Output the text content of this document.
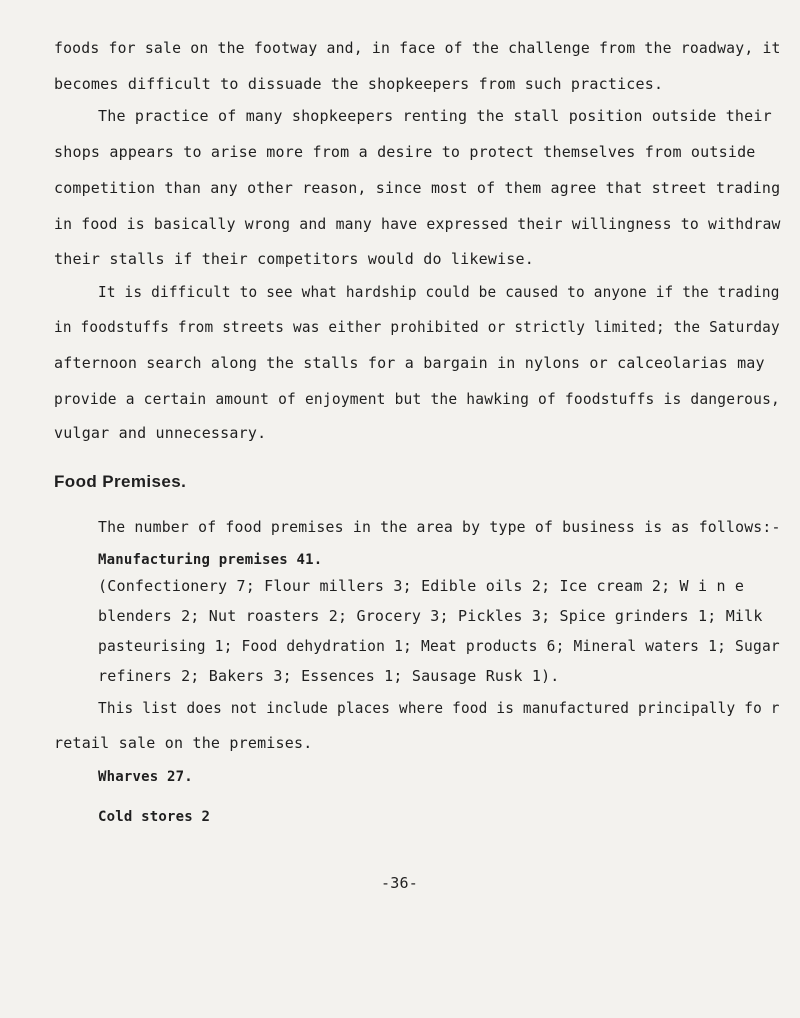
foods for sale on the footway and, in face of the challenge from the roadway, it
becomes difficult to dissuade the shopkeepers from such practices.
The practice of many shopkeepers renting the stall position outside their
shops appears to arise more from a desire to protect themselves from outside
competition than any other reason, since most of them agree that street trading
in food is basically wrong and many have expressed their willingness to withdraw
their stalls if their competitors would do likewise.
It is difficult to see what hardship could be caused to anyone if the trading
in foodstuffs from streets was either prohibited or strictly limited; the Saturday
afternoon search along the stalls for a bargain in nylons or calceolarias may
provide a certain amount of enjoyment but the hawking of foodstuffs is dangerous,
vulgar and unnecessary.
Food Premises.
The number of food premises in the area by type of business is as follows:-
Manufacturing premises 41.
(Confectionery 7; Flour millers 3; Edible oils 2; Ice cream 2; W i n e
blenders 2; Nut roasters 2; Grocery 3; Pickles 3; Spice grinders 1; Milk
pasteurising 1; Food dehydration 1; Meat products 6; Mineral waters 1; Sugar
refiners 2; Bakers 3; Essences 1; Sausage Rusk 1).
This list does not include places where food is manufactured principally fo r
retail sale on the premises.
Wharves 27.
Cold stores 2
-36-
